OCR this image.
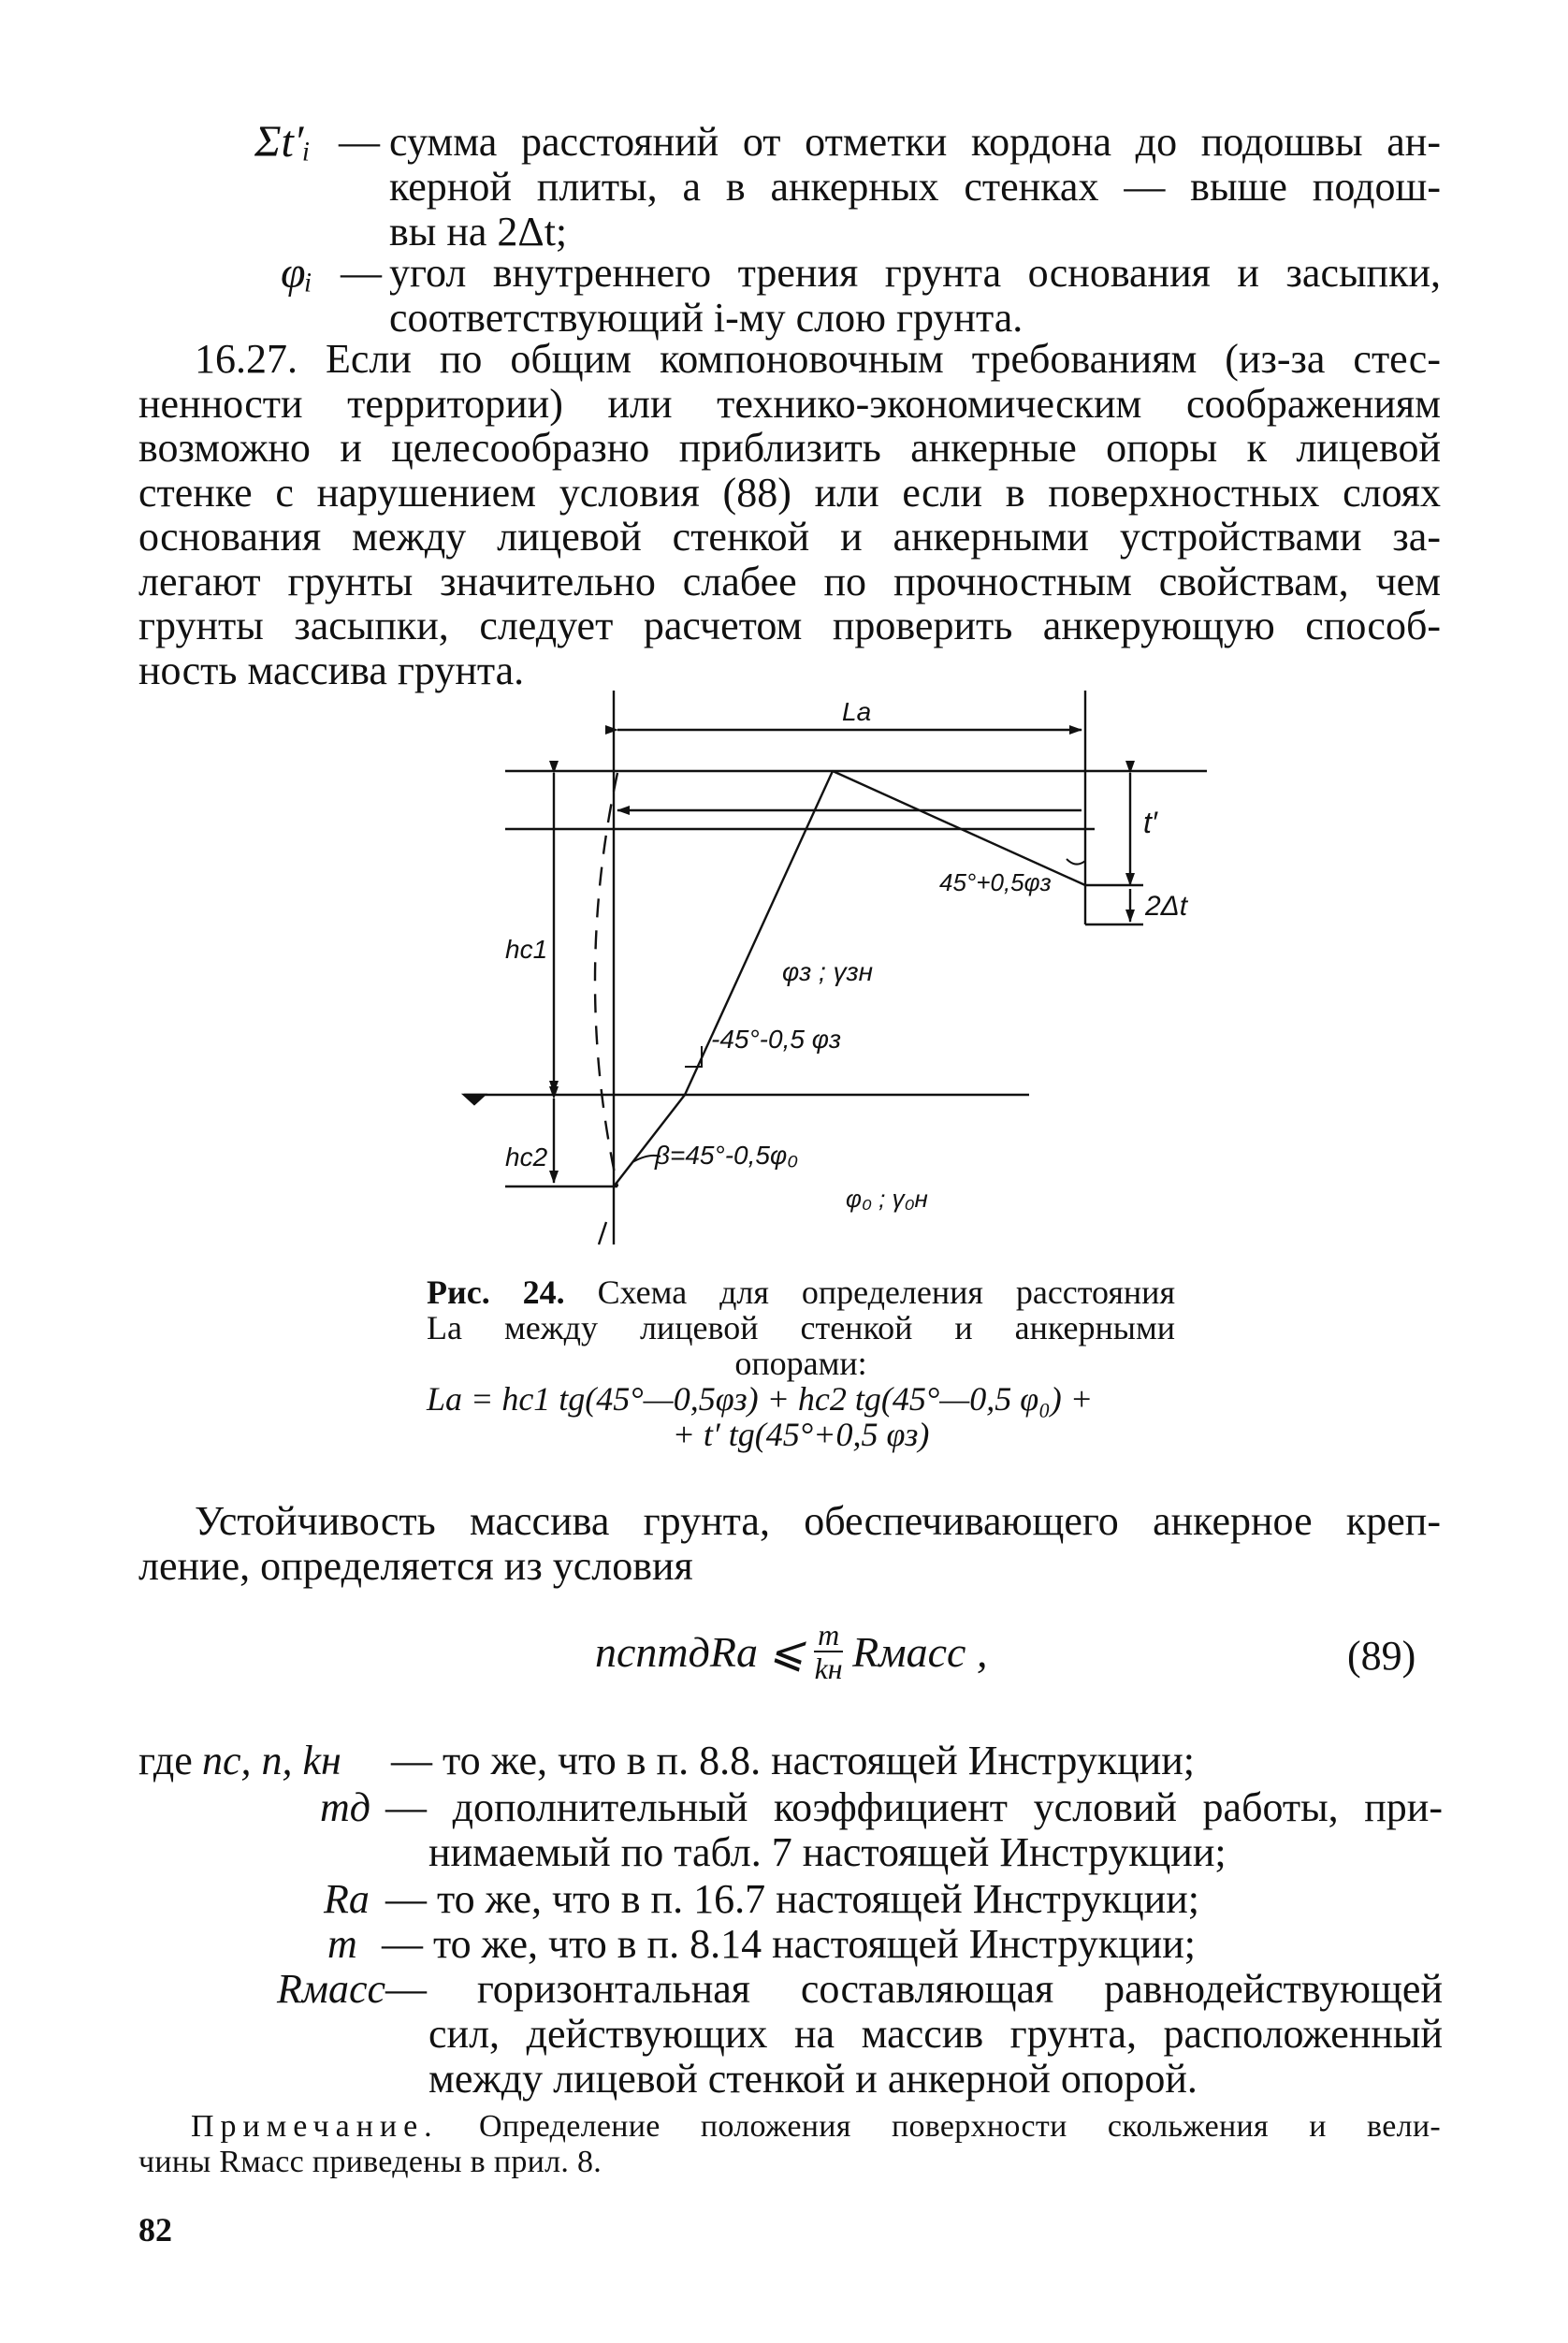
Σt′ᵢ — сумма расстояний от отметки кордона до подошвы ан-
керной плиты, а в анкерных стенках — выше подош-
вы на 2Δt;
φᵢ — угол внутреннего трения грунта основания и засыпки,
соответствующий i-му слою грунта.
16.27. Если по общим компоновочным требованиям (из-за стес-
ненности территории) или технико-экономическим соображениям
возможно и целесообразно приблизить анкерные опоры к лицевой
стенке с нарушением условия (88) или если в поверхностных слоях
основания между лицевой стенкой и анкерными устройствами за-
легают грунты значительно слабее по прочностным свойствам, чем
грунты засыпки, следует расчетом проверить анкерующую способ-
ность массива грунта.
Lа
t′
2Δt
45°+0,5φз
φз ; γзн
-45°-0,5 φз
hc1
hc2	β=45°-0,5φ₀
φ₀ ; γ₀н
Рис. 24. Схема для определения расстояния
Lа между лицевой стенкой и анкерными
опорами:
Lа = hc1 tg(45°—0,5φз) + hc2 tg(45°—0,5 φ₀) +
+ t′ tg(45°+0,5 φз)
Устойчивость массива грунта, обеспечивающего анкерное креп-
ление, определяется из условия
ncnmдRа ⩽ m
kн Rмасс ,	(89)
где nc, n, kн — то же, что в п. 8.8. настоящей Инструкции;
mд — дополнительный коэффициент условий работы, при-
нимаемый по табл. 7 настоящей Инструкции;
Rа — то же, что в п. 16.7 настоящей Инструкции;
m — то же, что в п. 8.14 настоящей Инструкции;
Rмасс — горизонтальная составляющая равнодействующей
сил, действующих на массив грунта, расположенный
между лицевой стенкой и анкерной опорой.
Примечание. Определение положения поверхности скольжения и вели-
чины Rмасс приведены в прил. 8.
82
